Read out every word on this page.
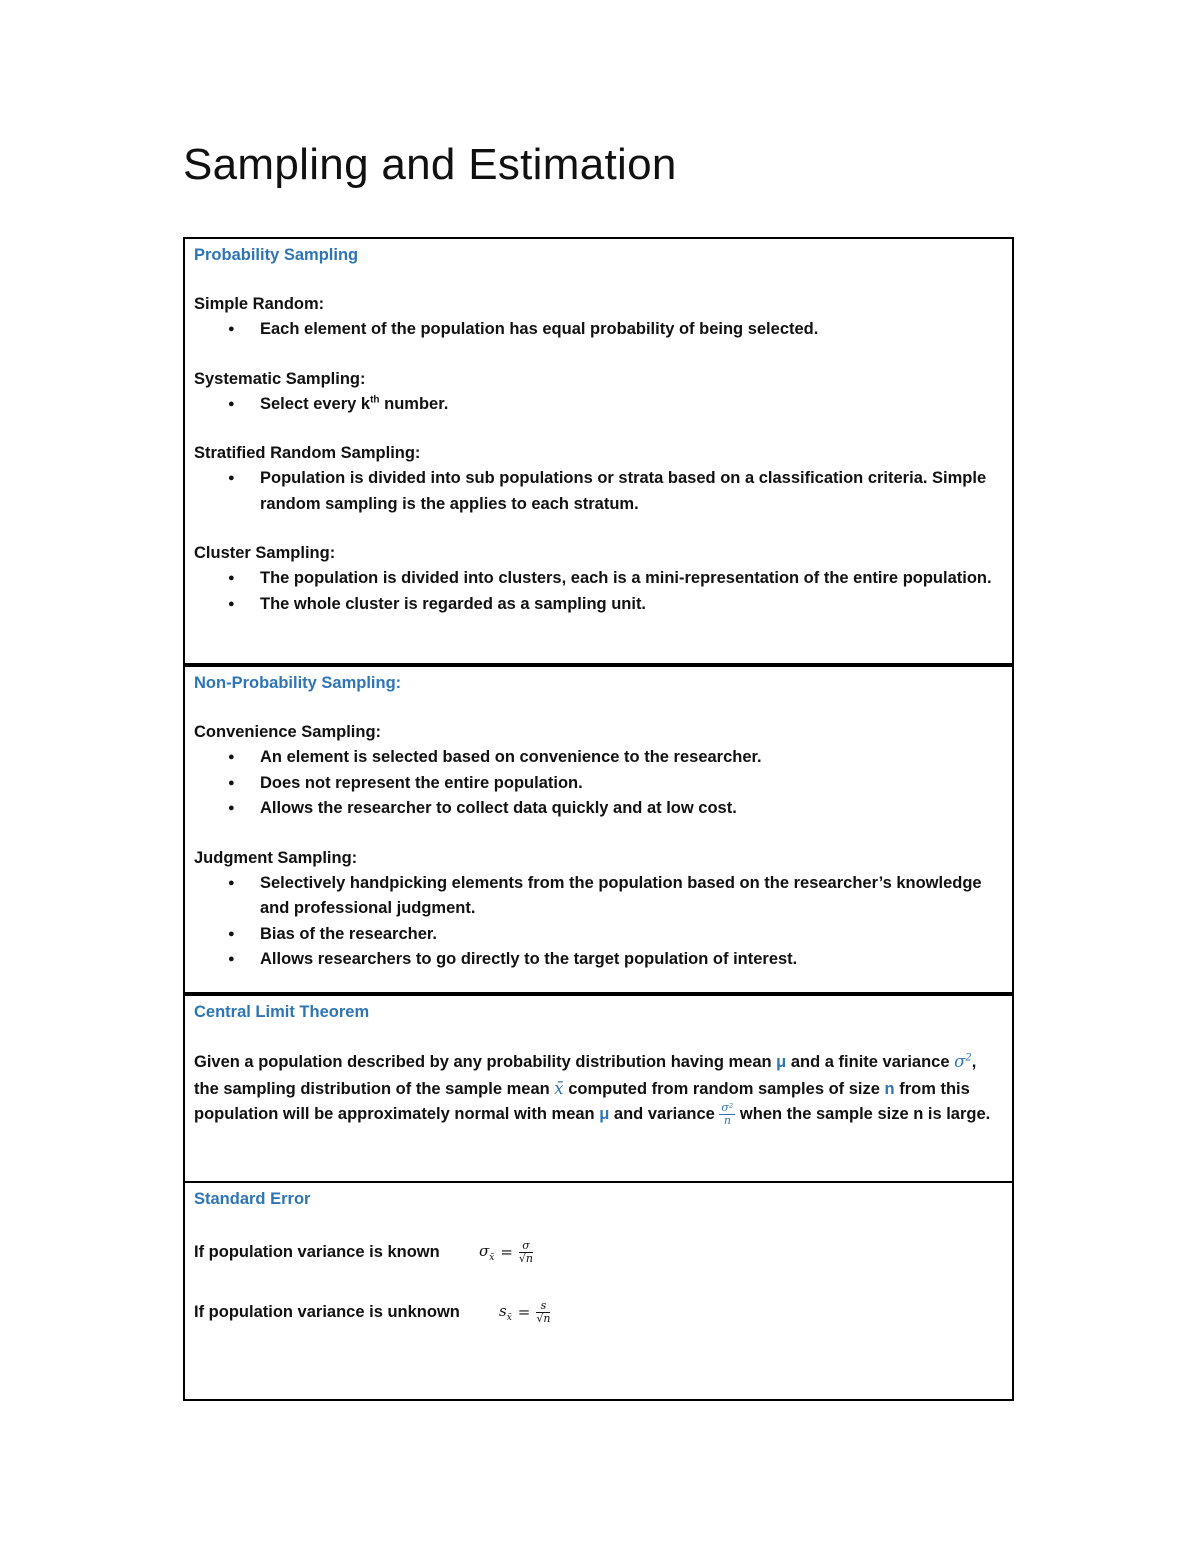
Sampling and Estimation
Probability Sampling
Simple Random:
● Each element of the population has equal probability of being selected.
Systematic Sampling:
● Select every $k^{th}$ number.
Stratified Random Sampling:
● Population is divided into sub populations or strata based on a classification criteria. Simple random sampling is the applies to each stratum.
Cluster Sampling:
● The population is divided into clusters, each is a mini-representation of the entire population.
● The whole cluster is regarded as a sampling unit.
Non-Probability Sampling:
Convenience Sampling:
● An element is selected based on convenience to the researcher.
● Does not represent the entire population.
● Allows the researcher to collect data quickly and at low cost.
Judgment Sampling:
● Selectively handpicking elements from the population based on the researcher’s knowledge and professional judgment.
● Bias of the researcher.
● Allows researchers to go directly to the target population of interest.
Central Limit Theorem
Given a population described by any probability distribution having mean μ and a finite variance $\sigma^2$, the sampling distribution of the sample mean x̄ computed from random samples of size n from this population will be approximately normal with mean μ and variance $\frac{\text{σ²}}{n}$ when the sample size n is large.
Standard Error
If population variance is known	$\sigma_{x̄} = \frac{\sigma}{√n}$
If population variance is unknown	$s_{x̄} = \frac{s}{√n}$
